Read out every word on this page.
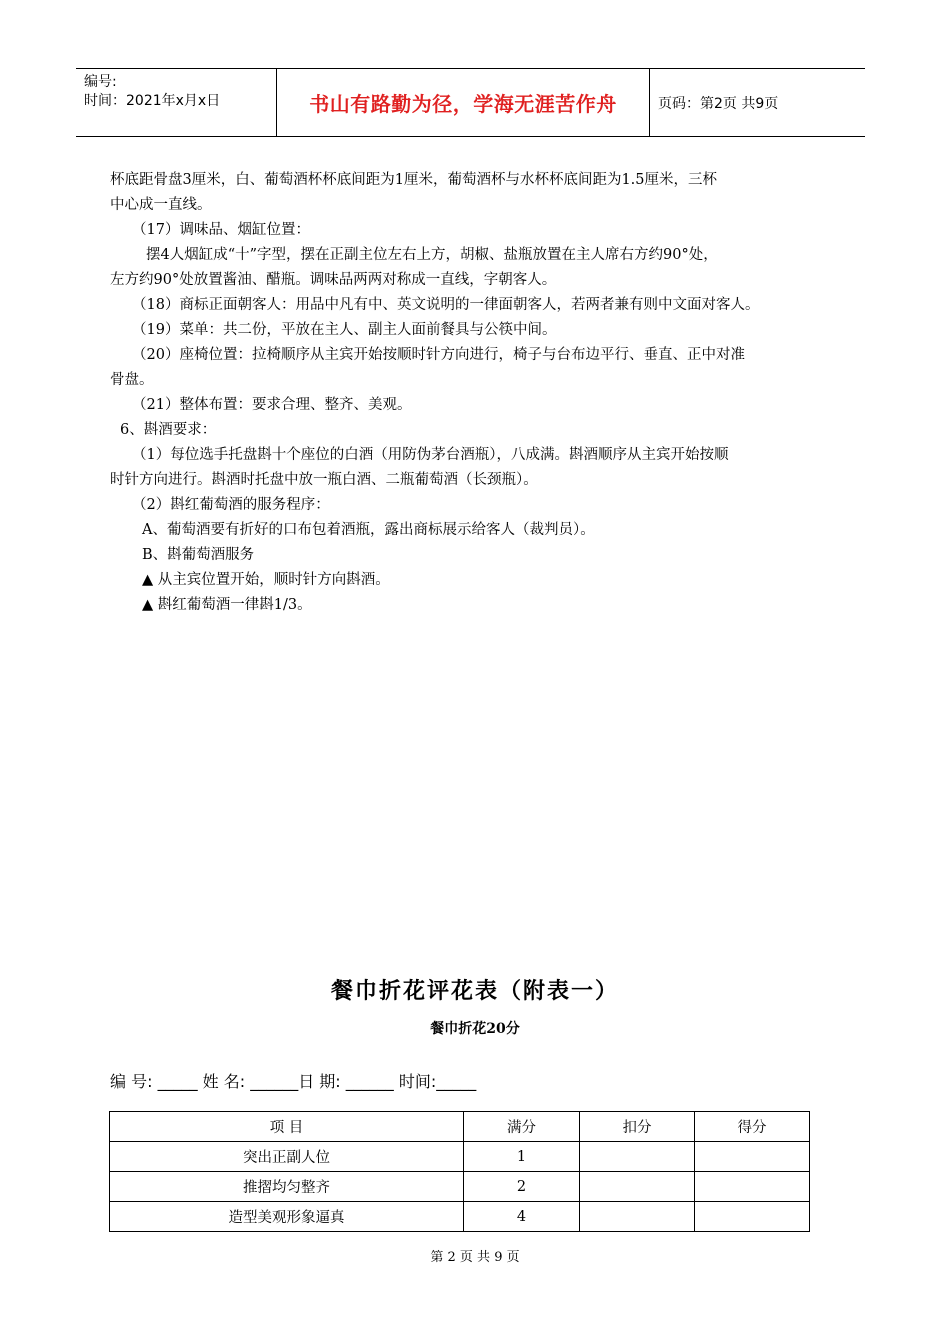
编号:
时间：2021年x月x日	书山有路勤为径，学海无涯苦作舟	页码：第2页 共9页

杯底距骨盘3厘米，白、葡萄酒杯杯底间距为1厘米，葡萄酒杯与水杯杯底间距为1.5厘米，三杯

中心成一直线。

（17）调味品、烟缸位置：

摆4人烟缸成“十”字型，摆在正副主位左右上方，胡椒、盐瓶放置在主人席右方约90°处，

左方约90°处放置酱油、醋瓶。调味品两两对称成一直线，字朝客人。

（18）商标正面朝客人：用品中凡有中、英文说明的一律面朝客人，若两者兼有则中文面对客人。

（19）菜单：共二份，平放在主人、副主人面前餐具与公筷中间。

（20）座椅位置：拉椅顺序从主宾开始按顺时针方向进行，椅子与台布边平行、垂直、正中对准

骨盘。

（21）整体布置：要求合理、整齐、美观。

6、斟酒要求：

（1）每位选手托盘斟十个座位的白酒（用防伪茅台酒瓶），八成满。斟酒顺序从主宾开始按顺

时针方向进行。斟酒时托盘中放一瓶白酒、二瓶葡萄酒（长颈瓶）。

（2）斟红葡萄酒的服务程序：

A、葡萄酒要有折好的口布包着酒瓶，露出商标展示给客人（裁判员）。

B、斟葡萄酒服务

▲ 从主宾位置开始，顺时针方向斟酒。

▲ 斟红葡萄酒一律斟1/3。

餐巾折花评花表（附表一）
餐巾折花20分
编 号: _____ 姓 名: ______日 期: ______ 时间:_____
项 目	满分	扣分	得分
突出正副人位	1		
推摺均匀整齐	2		
造型美观形象逼真	4		
第 2 页 共 9 页
